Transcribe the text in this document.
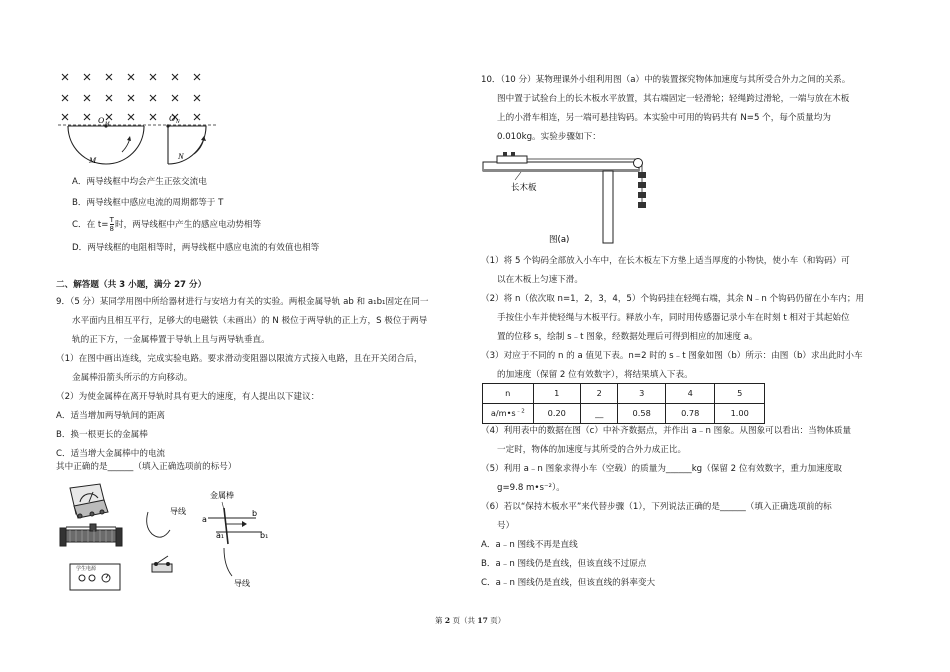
M	N
O M
O N
A．两导线框中均会产生正弦交流电
B．两导线框中感应电流的周期都等于 T
C．在 $t= \frac{T}{8}$ 时，两导线框中产生的感应电动势相等
D．两导线框的电阻相等时，两导线框中感应电流的有效值也相等
二、解答题（共 3 小题，满分 27 分）
9．（5 分）某同学用图中所给器材进行与安培力有关的实验。两根金属导轨 ab 和 a₁b₁固定在同一
水平面内且相互平行，足够大的电磁铁（未画出）的 N 极位于两导轨的正上方，S 极位于两导
轨的正下方，一金属棒置于导轨上且与两导轨垂直。
（1）在图中画出连线，完成实验电路。要求滑动变阻器以限流方式接入电路，且在开关闭合后，
金属棒沿箭头所示的方向移动。
（2）为使金属棒在离开导轨时具有更大的速度，有人提出以下建议：
A．适当增加两导轨间的距离
B．换一根更长的金属棒
C．适当增大金属棒中的电流
其中正确的是______（填入正确选项前的标号）
学生电源
导线
导线
金属棒
a
b
a₁	b₁
10．（10 分）某物理课外小组利用图（a）中的装置探究物体加速度与其所受合外力之间的关系。
图中置于试验台上的长木板水平放置，其右端固定一轻滑轮；轻绳跨过滑轮，一端与放在木板
上的小滑车相连，另一端可悬挂钩码。本实验中可用的钩码共有 N=5 个，每个质量均为
0.010kg。实验步骤如下：
长木板
图(a)
（1）将 5 个钩码全部放入小车中，在长木板左下方垫上适当厚度的小物快，使小车（和钩码）可
以在木板上匀速下滑。
（2）将 n（依次取 n=1，2，3，4，5）个钩码挂在轻绳右端，其余 N﹣n 个钩码仍留在小车内；用
手按住小车并使轻绳与木板平行。释放小车，同时用传感器记录小车在时刻 t 相对于其起始位
置的位移 s，绘制 s﹣t 图象，经数据处理后可得到相应的加速度 a。
（3）对应于不同的 n 的 a 值见下表。n=2 时的 s﹣t 图象如图（b）所示：由图（b）求出此时小车
的加速度（保留 2 位有效数字），将结果填入下表。
n	1	2	3	4	5
$a/m•s^{﹣2}$	0.20	__	0.58	0.78	1.00
（4）利用表中的数据在图（c）中补齐数据点，并作出 a﹣n 图象。从图象可以看出：当物体质量
一定时，物体的加速度与其所受的合外力成正比。
（5）利用 a﹣n 图象求得小车（空载）的质量为______kg（保留 2 位有效数字，重力加速度取
g=9.8 m•s⁻²）。
（6）若以“保持木板水平”来代替步骤（1），下列说法正确的是______（填入正确选项前的标
号）
A．a﹣n 图线不再是直线
B．a﹣n 图线仍是直线，但该直线不过原点
C．a﹣n 图线仍是直线，但该直线的斜率变大
第 2 页（共 17 页）
